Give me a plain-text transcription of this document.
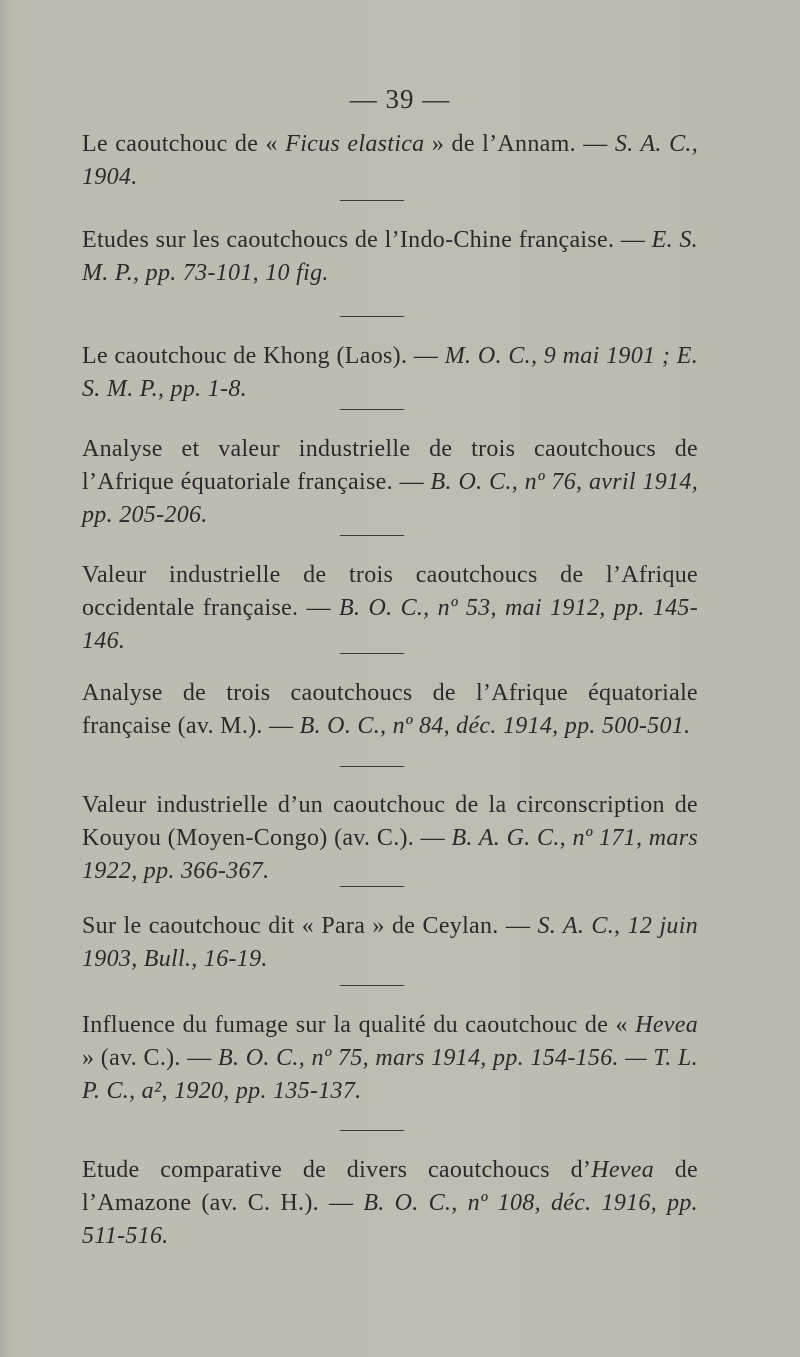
— 39 —
Le caoutchouc de « Ficus elastica » de l’Annam. — S. A. C., 1904.
Etudes sur les caoutchoucs de l’Indo-Chine française. — E. S. M. P., pp. 73-101, 10 fig.
Le caoutchouc de Khong (Laos). — M. O. C., 9 mai 1901 ; E. S. M. P., pp. 1-8.
Analyse et valeur industrielle de trois caoutchoucs de l’Afrique équatoriale française. — B. O. C., nº 76, avril 1914, pp. 205-206.
Valeur industrielle de trois caoutchoucs de l’Afrique occidentale française. — B. O. C., nº 53, mai 1912, pp. 145-146.
Analyse de trois caoutchoucs de l’Afrique équatoriale française (av. M.). — B. O. C., nº 84, déc. 1914, pp. 500-501.
Valeur industrielle d’un caoutchouc de la circonscription de Kouyou (Moyen-Congo) (av. C.). — B. A. G. C., nº 171, mars 1922, pp. 366-367.
Sur le caoutchouc dit « Para » de Ceylan. — S. A. C., 12 juin 1903, Bull., 16-19.
Influence du fumage sur la qualité du caoutchouc de « Hevea » (av. C.). — B. O. C., nº 75, mars 1914, pp. 154-156. — T. L. P. C., a², 1920, pp. 135-137.
Etude comparative de divers caoutchoucs d’Hevea de l’Amazone (av. C. H.). — B. O. C., nº 108, déc. 1916, pp. 511-516.
